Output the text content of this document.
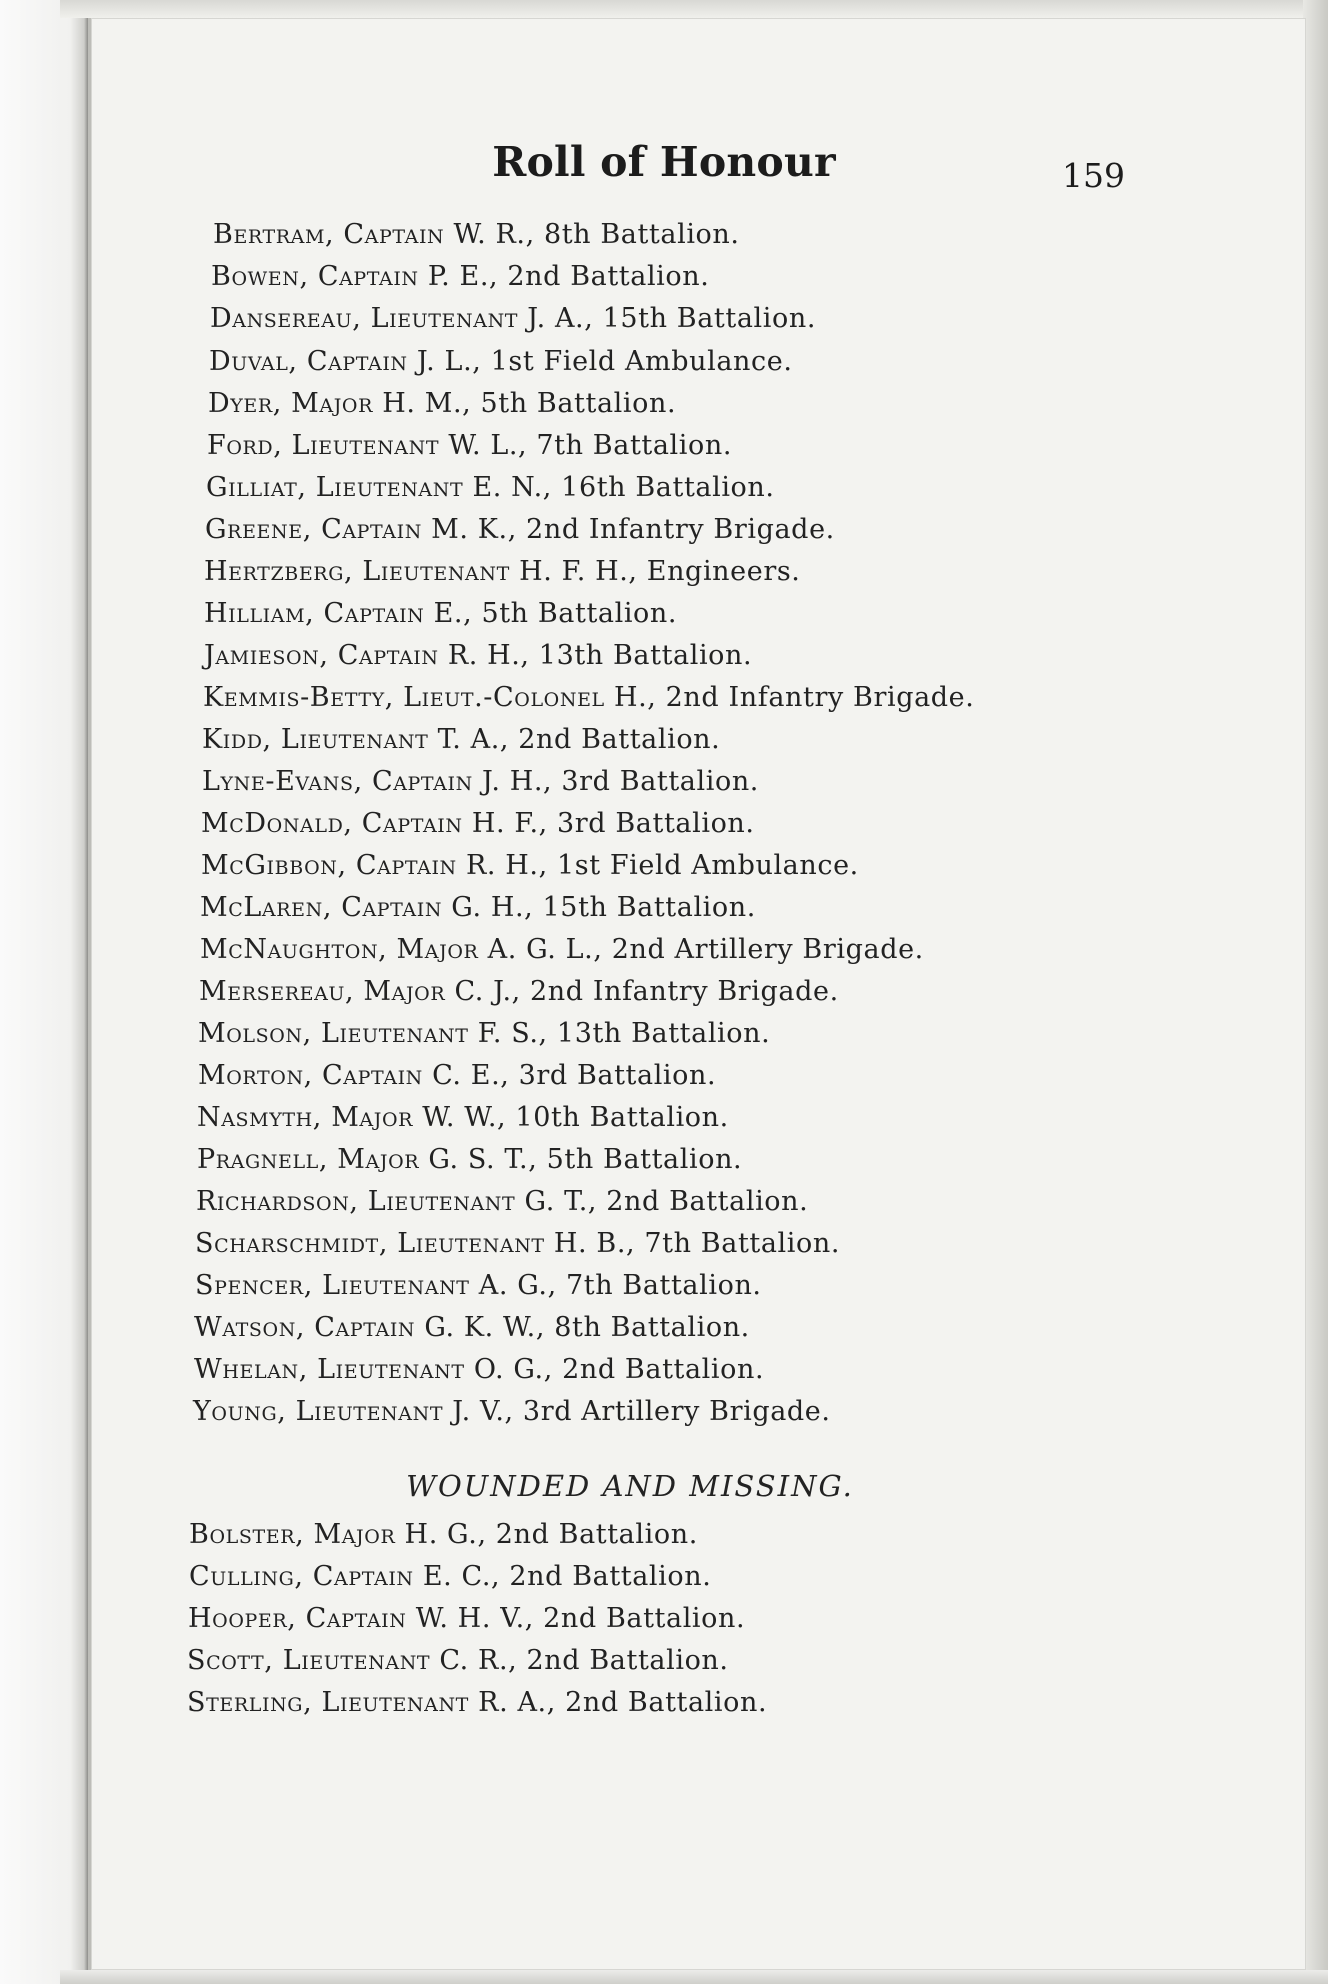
Roll of Honour	159
Bertram, Captain W. R., 8th Battalion.
Bowen, Captain P. E., 2nd Battalion.
Dansereau, Lieutenant J. A., 15th Battalion.
Duval, Captain J. L., 1st Field Ambulance.
Dyer, Major H. M., 5th Battalion.
Ford, Lieutenant W. L., 7th Battalion.
Gilliat, Lieutenant E. N., 16th Battalion.
Greene, Captain M. K., 2nd Infantry Brigade.
Hertzberg, Lieutenant H. F. H., Engineers.
Hilliam, Captain E., 5th Battalion.
Jamieson, Captain R. H., 13th Battalion.
Kemmis-Betty, Lieut.-Colonel H., 2nd Infantry Brigade.
Kidd, Lieutenant T. A., 2nd Battalion.
Lyne-Evans, Captain J. H., 3rd Battalion.
McDonald, Captain H. F., 3rd Battalion.
McGibbon, Captain R. H., 1st Field Ambulance.
McLaren, Captain G. H., 15th Battalion.
McNaughton, Major A. G. L., 2nd Artillery Brigade.
Mersereau, Major C. J., 2nd Infantry Brigade.
Molson, Lieutenant F. S., 13th Battalion.
Morton, Captain C. E., 3rd Battalion.
Nasmyth, Major W. W., 10th Battalion.
Pragnell, Major G. S. T., 5th Battalion.
Richardson, Lieutenant G. T., 2nd Battalion.
Scharschmidt, Lieutenant H. B., 7th Battalion.
Spencer, Lieutenant A. G., 7th Battalion.
Watson, Captain G. K. W., 8th Battalion.
Whelan, Lieutenant O. G., 2nd Battalion.
Young, Lieutenant J. V., 3rd Artillery Brigade.
WOUNDED AND MISSING.
Bolster, Major H. G., 2nd Battalion.
Culling, Captain E. C., 2nd Battalion.
Hooper, Captain W. H. V., 2nd Battalion.
Scott, Lieutenant C. R., 2nd Battalion.
Sterling, Lieutenant R. A., 2nd Battalion.
